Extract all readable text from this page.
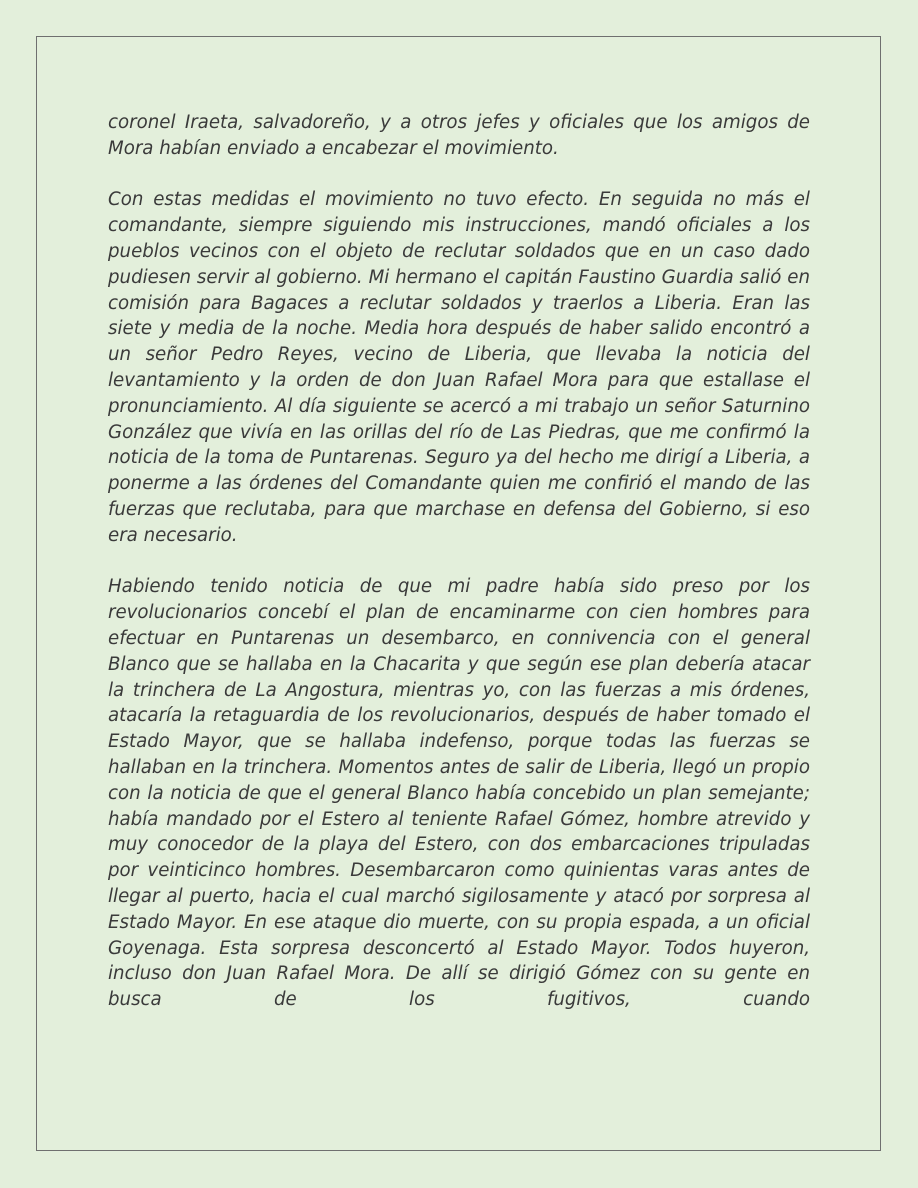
coronel Iraeta, salvadoreño, y a otros jefes y oficiales que los amigos de Mora habían enviado a encabezar el movimiento.

Con estas medidas el movimiento no tuvo efecto. En seguida no más el comandante, siempre siguiendo mis instrucciones, mandó oficiales a los pueblos vecinos con el objeto de reclutar soldados que en un caso dado pudiesen servir al gobierno. Mi hermano el capitán Faustino Guardia salió en comisión para Bagaces a reclutar soldados y traerlos a Liberia. Eran las siete y media de la noche. Media hora después de haber salido encontró a un señor Pedro Reyes, vecino de Liberia, que llevaba la noticia del levantamiento y la orden de don Juan Rafael Mora para que estallase el pronunciamiento. Al día siguiente se acercó a mi trabajo un señor Saturnino González que vivía en las orillas del río de Las Piedras, que me confirmó la noticia de la toma de Puntarenas. Seguro ya del hecho me dirigí a Liberia, a ponerme a las órdenes del Comandante quien me confirió el mando de las fuerzas que reclutaba, para que marchase en defensa del Gobierno, si eso era necesario.

Habiendo tenido noticia de que mi padre había sido preso por los revolucionarios concebí el plan de encaminarme con cien hombres para efectuar en Puntarenas un desembarco, en connivencia con el general Blanco que se hallaba en la Chacarita y que según ese plan debería atacar la trinchera de La Angostura, mientras yo, con las fuerzas a mis órdenes, atacaría la retaguardia de los revolucionarios, después de haber tomado el Estado Mayor, que se hallaba indefenso, porque todas las fuerzas se hallaban en la trinchera. Momentos antes de salir de Liberia, llegó un propio con la noticia de que el general Blanco había concebido un plan semejante; había mandado por el Estero al teniente Rafael Gómez, hombre atrevido y muy conocedor de la playa del Estero, con dos embarcaciones tripuladas por veinticinco hombres. Desembarcaron como quinientas varas antes de llegar al puerto, hacia el cual marchó sigilosamente y atacó por sorpresa al Estado Mayor. En ese ataque dio muerte, con su propia espada, a un oficial Goyenaga. Esta sorpresa desconcertó al Estado Mayor. Todos huyeron, incluso don Juan Rafael Mora. De allí se dirigió Gómez con su gente en busca de los fugitivos, cuando
